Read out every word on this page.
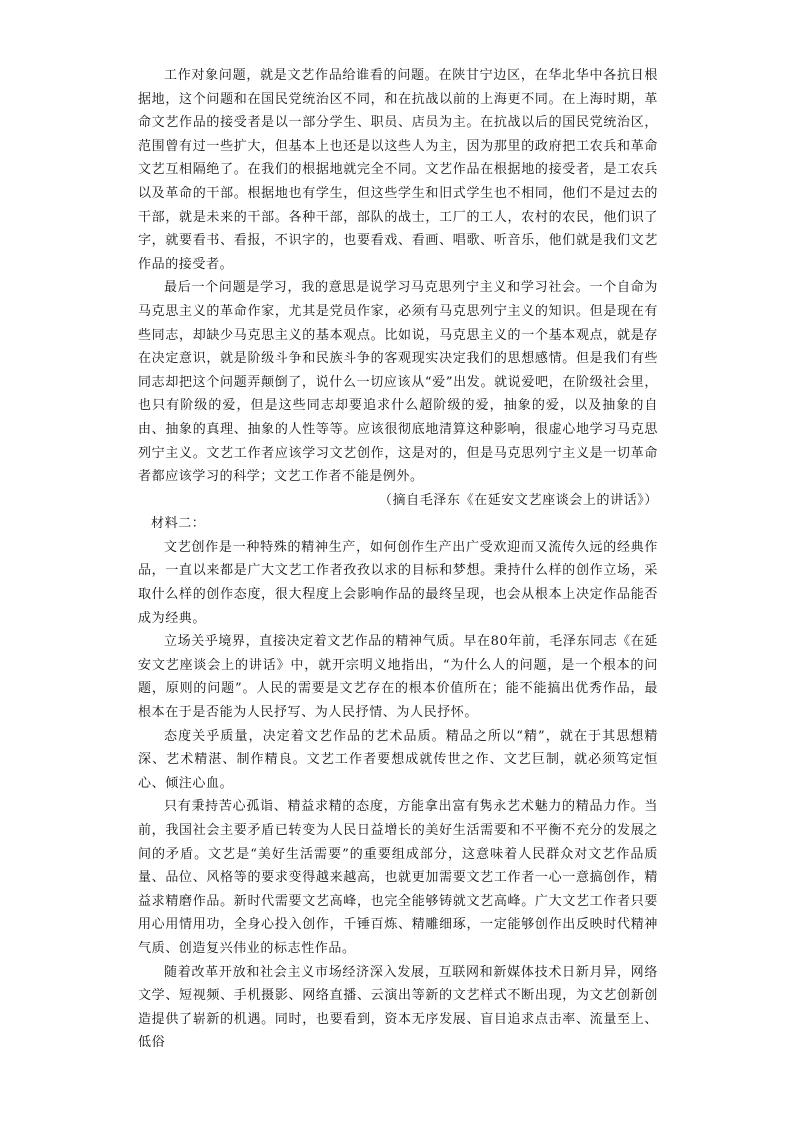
工作对象问题，就是文艺作品给谁看的问题。在陕甘宁边区，在华北华中各抗日根据地，这个问题和在国民党统治区不同，和在抗战以前的上海更不同。在上海时期，革命文艺作品的接受者是以一部分学生、职员、店员为主。在抗战以后的国民党统治区，范围曾有过一些扩大，但基本上也还是以这些人为主，因为那里的政府把工农兵和革命文艺互相隔绝了。在我们的根据地就完全不同。文艺作品在根据地的接受者，是工农兵以及革命的干部。根据地也有学生，但这些学生和旧式学生也不相同，他们不是过去的干部，就是未来的干部。各种干部，部队的战士，工厂的工人，农村的农民，他们识了字，就要看书、看报，不识字的，也要看戏、看画、唱歌、听音乐，他们就是我们文艺作品的接受者。

最后一个问题是学习，我的意思是说学习马克思列宁主义和学习社会。一个自命为马克思主义的革命作家，尤其是党员作家，必须有马克思列宁主义的知识。但是现在有些同志，却缺少马克思主义的基本观点。比如说，马克思主义的一个基本观点，就是存在决定意识，就是阶级斗争和民族斗争的客观现实决定我们的思想感情。但是我们有些同志却把这个问题弄颠倒了，说什么一切应该从“爱”出发。就说爱吧，在阶级社会里，也只有阶级的爱，但是这些同志却要追求什么超阶级的爱，抽象的爱，以及抽象的自由、抽象的真理、抽象的人性等等。应该很彻底地清算这种影响，很虚心地学习马克思列宁主义。文艺工作者应该学习文艺创作，这是对的，但是马克思列宁主义是一切革命者都应该学习的科学；文艺工作者不能是例外。

（摘自毛泽东《在延安文艺座谈会上的讲话》）

材料二：

文艺创作是一种特殊的精神生产，如何创作生产出广受欢迎而又流传久远的经典作品，一直以来都是广大文艺工作者孜孜以求的目标和梦想。秉持什么样的创作立场，采取什么样的创作态度，很大程度上会影响作品的最终呈现，也会从根本上决定作品能否成为经典。

立场关乎境界，直接决定着文艺作品的精神气质。早在80年前，毛泽东同志《在延安文艺座谈会上的讲话》中，就开宗明义地指出，“为什么人的问题，是一个根本的问题，原则的问题”。人民的需要是文艺存在的根本价值所在；能不能搞出优秀作品，最根本在于是否能为人民抒写、为人民抒情、为人民抒怀。

态度关乎质量，决定着文艺作品的艺术品质。精品之所以“精”，就在于其思想精深、艺术精湛、制作精良。文艺工作者要想成就传世之作、文艺巨制，就必须笃定恒心、倾注心血。

只有秉持苦心孤诣、精益求精的态度，方能拿出富有隽永艺术魅力的精品力作。当前，我国社会主要矛盾已转变为人民日益增长的美好生活需要和不平衡不充分的发展之间的矛盾。文艺是“美好生活需要”的重要组成部分，这意味着人民群众对文艺作品质量、品位、风格等的要求变得越来越高，也就更加需要文艺工作者一心一意搞创作，精益求精磨作品。新时代需要文艺高峰，也完全能够铸就文艺高峰。广大文艺工作者只要用心用情用功，全身心投入创作，千锤百炼、精雕细琢，一定能够创作出反映时代精神气质、创造复兴伟业的标志性作品。

随着改革开放和社会主义市场经济深入发展，互联网和新媒体技术日新月异，网络文学、短视频、手机摄影、网络直播、云演出等新的文艺样式不断出现，为文艺创新创造提供了崭新的机遇。同时，也要看到，资本无序发展、盲目追求点击率、流量至上、低俗
